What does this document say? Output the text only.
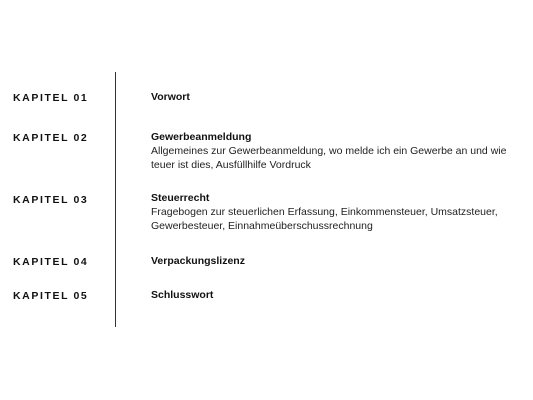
KAPITEL 01	Vorwort
KAPITEL 02	Gewerbeanmeldung
Allgemeines zur Gewerbeanmeldung, wo melde ich ein Gewerbe an und wie teuer ist dies, Ausfüllhilfe Vordruck
KAPITEL 03	Steuerrecht
Fragebogen zur steuerlichen Erfassung, Einkommensteuer, Umsatzsteuer, Gewerbesteuer, Einnahmeüberschussrechnung
KAPITEL 04	Verpackungslizenz
KAPITEL 05	Schlusswort
